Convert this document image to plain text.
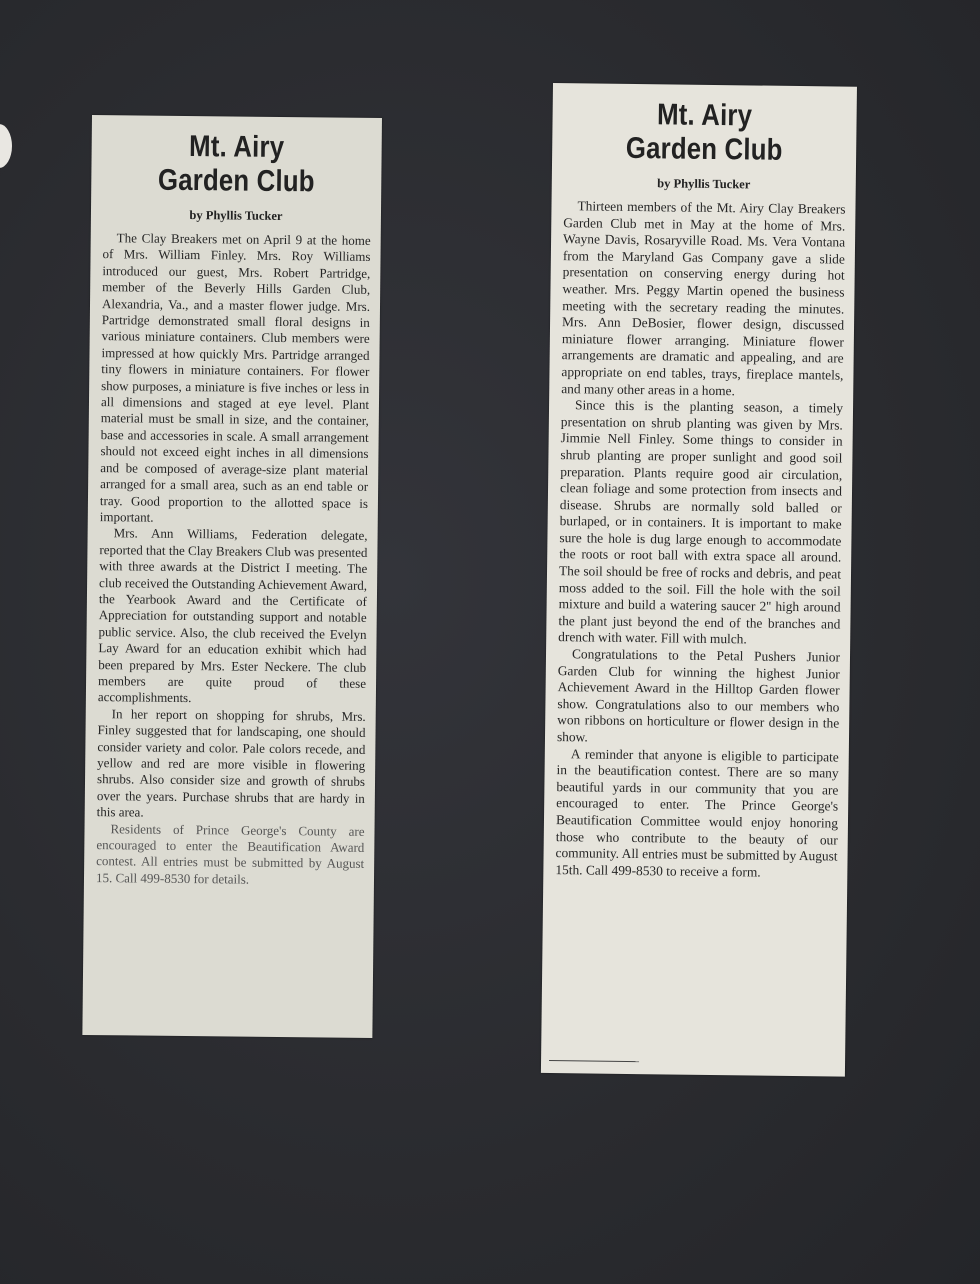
Mt. Airy
Garden Club
by Phyllis Tucker

The Clay Breakers met on April 9 at the home of Mrs. William Finley. Mrs. Roy Williams introduced our guest, Mrs. Robert Partridge, member of the Beverly Hills Garden Club, Alexandria, Va., and a master flower judge. Mrs. Partridge demonstrated small floral designs in various miniature containers. Club members were impressed at how quickly Mrs. Partridge arranged tiny flowers in miniature containers. For flower show purposes, a miniature is five inches or less in all dimensions and staged at eye level. Plant material must be small in size, and the container, base and accessories in scale. A small arrangement should not exceed eight inches in all dimensions and be composed of average-size plant material arranged for a small area, such as an end table or tray. Good proportion to the allotted space is important.

Mrs. Ann Williams, Federation delegate, reported that the Clay Breakers Club was presented with three awards at the District I meeting. The club received the Outstanding Achievement Award, the Yearbook Award and the Certificate of Appreciation for outstanding support and notable public service. Also, the club received the Evelyn Lay Award for an education exhibit which had been prepared by Mrs. Ester Neckere. The club members are quite proud of these accomplishments.

In her report on shopping for shrubs, Mrs. Finley suggested that for landscaping, one should consider variety and color. Pale colors recede, and yellow and red are more visible in flowering shrubs. Also consider size and growth of shrubs over the years. Purchase shrubs that are hardy in this area.

Residents of Prince George's County are encouraged to enter the Beautification Award contest. All entries must be submitted by August 15. Call 499-8530 for details.

Mt. Airy
Garden Club
by Phyllis Tucker

Thirteen members of the Mt. Airy Clay Breakers Garden Club met in May at the home of Mrs. Wayne Davis, Rosaryville Road. Ms. Vera Vontana from the Maryland Gas Company gave a slide presentation on conserving energy during hot weather. Mrs. Peggy Martin opened the business meeting with the secretary reading the minutes. Mrs. Ann DeBosier, flower design, discussed miniature flower arranging. Miniature flower arrangements are dramatic and appealing, and are appropriate on end tables, trays, fireplace mantels, and many other areas in a home.

Since this is the planting season, a timely presentation on shrub planting was given by Mrs. Jimmie Nell Finley. Some things to consider in shrub planting are proper sunlight and good soil preparation. Plants require good air circulation, clean foliage and some protection from insects and disease. Shrubs are normally sold balled or burlaped, or in containers. It is important to make sure the hole is dug large enough to accommodate the roots or root ball with extra space all around. The soil should be free of rocks and debris, and peat moss added to the soil. Fill the hole with the soil mixture and build a watering saucer 2'' high around the plant just beyond the end of the branches and drench with water. Fill with mulch.

Congratulations to the Petal Pushers Junior Garden Club for winning the highest Junior Achievement Award in the Hilltop Garden flower show. Congratulations also to our members who won ribbons on horticulture or flower design in the show.

A reminder that anyone is eligible to participate in the beautification contest. There are so many beautiful yards in our community that you are encouraged to enter. The Prince George's Beautification Committee would enjoy honoring those who contribute to the beauty of our community. All entries must be submitted by August 15th. Call 499-8530 to receive a form.
